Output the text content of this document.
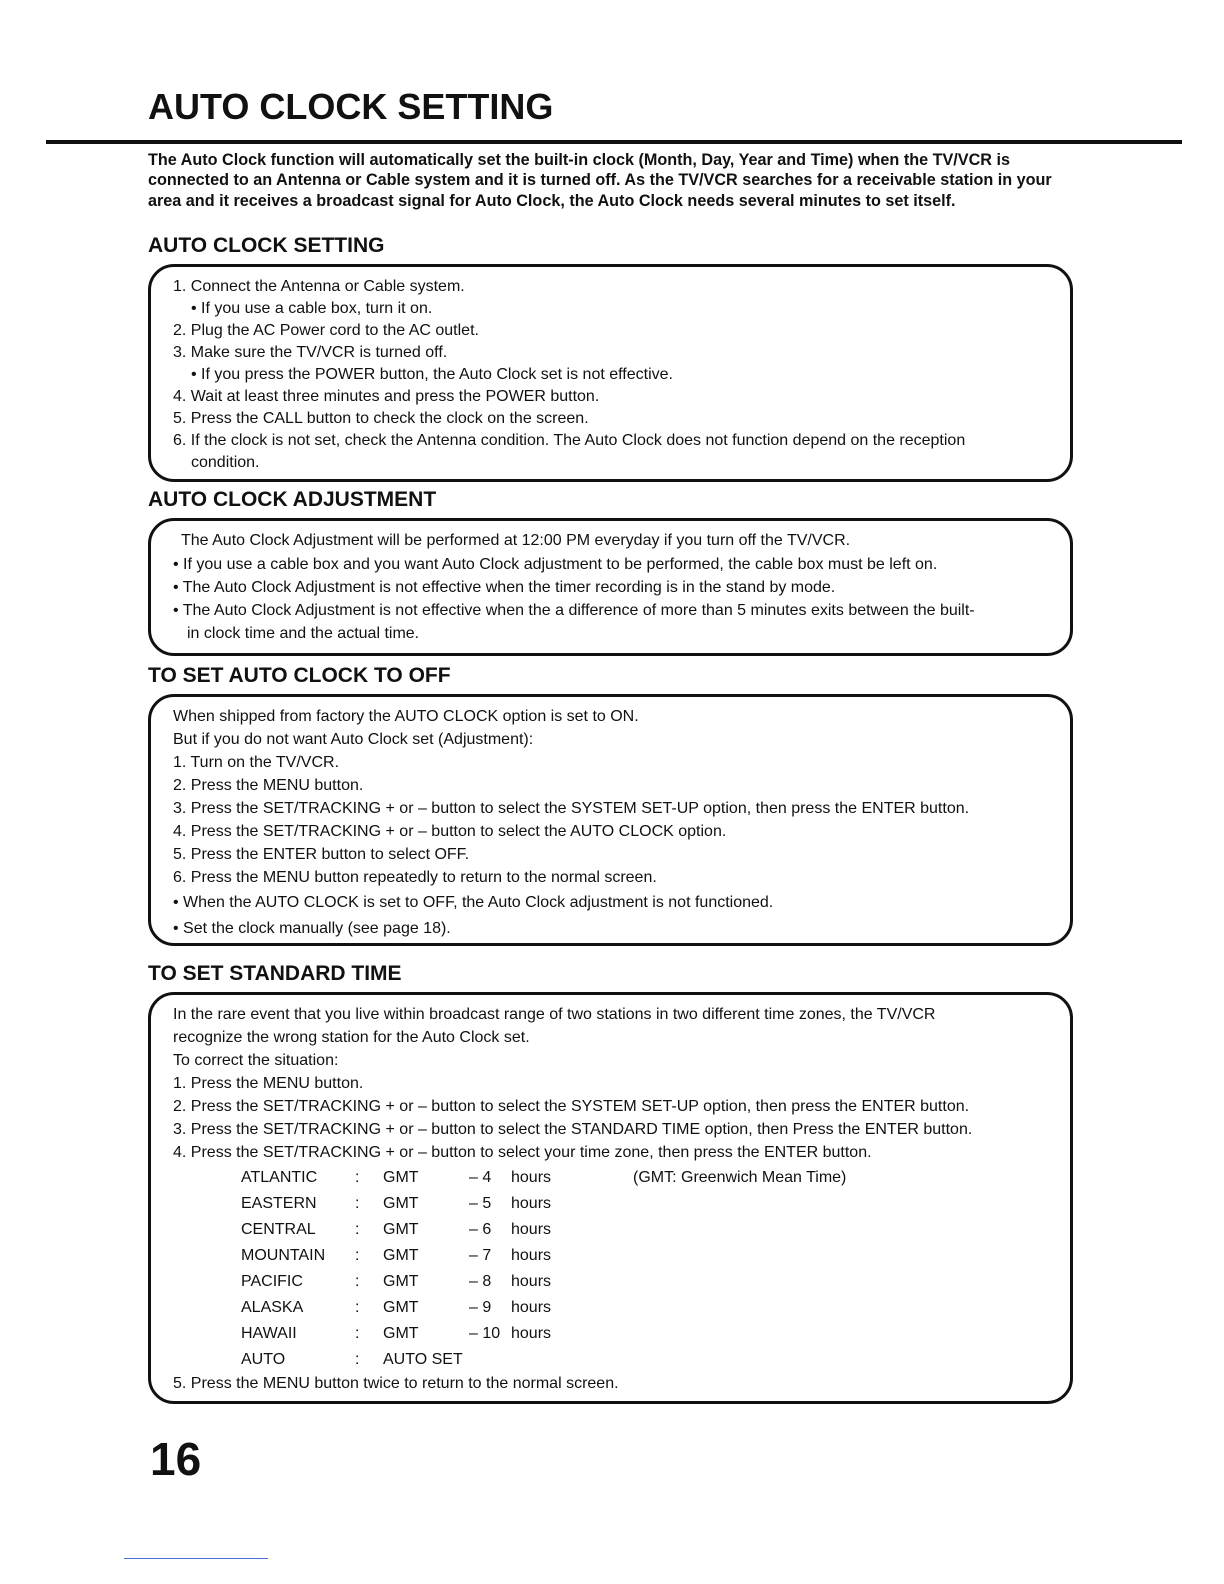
AUTO CLOCK SETTING

The Auto Clock function will automatically set the built-in clock (Month, Day, Year and Time) when the TV/VCR is connected to an Antenna or Cable system and it is turned off. As the TV/VCR searches for a receivable station in your area and it receives a broadcast signal for Auto Clock, the Auto Clock needs several minutes to set itself.

AUTO CLOCK SETTING

1. Connect the Antenna or Cable system.

• If you use a cable box, turn it on.

2. Plug the AC Power cord to the AC outlet.

3. Make sure the TV/VCR is turned off.

• If you press the POWER button, the Auto Clock set is not effective.

4. Wait at least three minutes and press the POWER button.

5. Press the CALL button to check the clock on the screen.

6. If the clock is not set, check the Antenna condition. The Auto Clock does not function depend on the reception

condition.

AUTO CLOCK ADJUSTMENT

The Auto Clock Adjustment will be performed at 12:00 PM everyday if you turn off the TV/VCR.

• If you use a cable box and you want Auto Clock adjustment to be performed, the cable box must be left on.

• The Auto Clock Adjustment is not effective when the timer recording is in the stand by mode.

• The Auto Clock Adjustment is not effective when the a difference of more than 5 minutes exits between the built-

in clock time and the actual time.

TO SET AUTO CLOCK TO OFF

When shipped from factory the AUTO CLOCK option is set to ON.

But if you do not want Auto Clock set (Adjustment):

1. Turn on the TV/VCR.

2. Press the MENU button.

3. Press the SET/TRACKING + or – button to select the SYSTEM SET-UP option, then press the ENTER button.

4. Press the SET/TRACKING + or – button to select the AUTO CLOCK option.

5. Press the ENTER button to select OFF.

6. Press the MENU button repeatedly to return to the normal screen.

• When the AUTO CLOCK is set to OFF, the Auto Clock adjustment is not functioned.

• Set the clock manually (see page 18).

TO SET STANDARD TIME

In the rare event that you live within broadcast range of two stations in two different time zones, the TV/VCR

recognize the wrong station for the Auto Clock set.

To correct the situation:

1. Press the MENU button.

2. Press the SET/TRACKING + or – button to select the SYSTEM SET-UP option, then press the ENTER button.

3. Press the SET/TRACKING + or – button to select the STANDARD TIME option, then Press the ENTER button.

4. Press the SET/TRACKING + or – button to select your time zone, then press the ENTER button.

ATLANTIC : GMT	– 4 hours	(GMT: Greenwich Mean Time)

EASTERN : GMT	– 5 hours

CENTRAL : GMT	– 6 hours

MOUNTAIN : GMT	– 7 hours

PACIFIC	: GMT	– 8 hours

ALASKA	: GMT	– 9 hours

HAWAII	: GMT	– 10 hours

AUTO	: AUTO SET

5. Press the MENU button twice to return to the normal screen.

16
